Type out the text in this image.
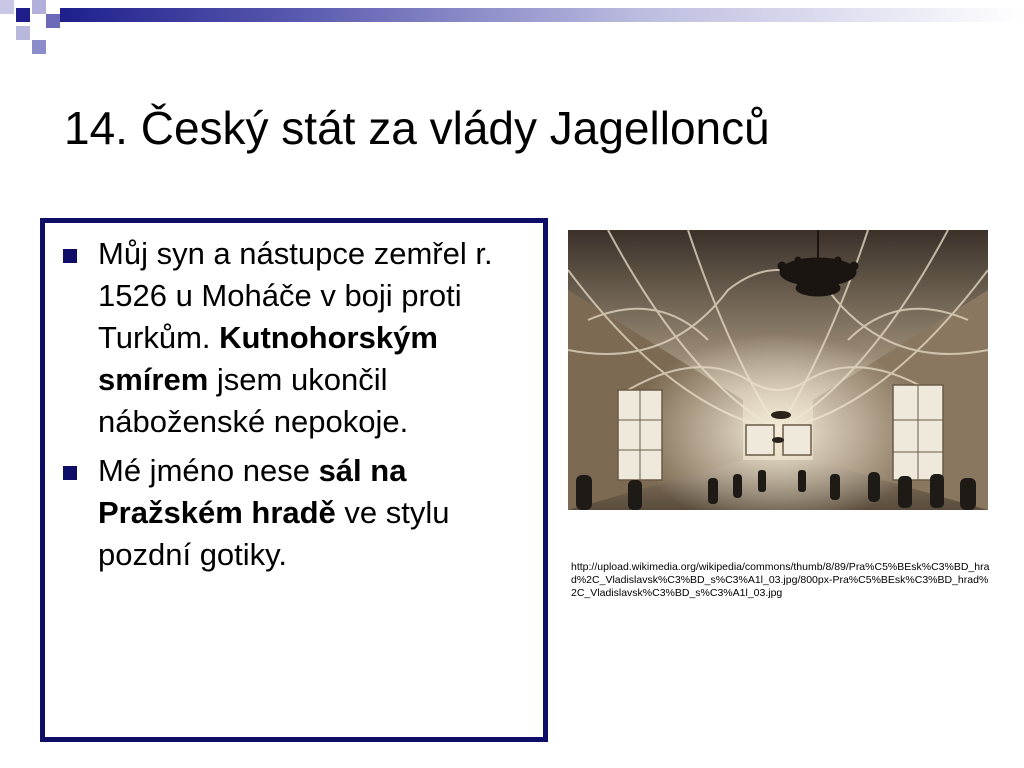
14. Český stát za vlády Jagellonců
Můj syn a nástupce zemřel r. 1526 u Moháče v boji proti Turkům. Kutnohorským smírem jsem ukončil náboženské nepokoje.
Mé jméno nese sál na Pražském hradě ve stylu pozdní gotiky.	http://upload.wikimedia.org/wikipedia/commons/thumb/8/89/Pra%C5%BEsk%C3%BD_hrad%2C_Vladislavsk%C3%BD_s%C3%A1l_03.jpg/800px-Pra%C5%BEsk%C3%BD_hrad%2C_Vladislavsk%C3%BD_s%C3%A1l_03.jpg
